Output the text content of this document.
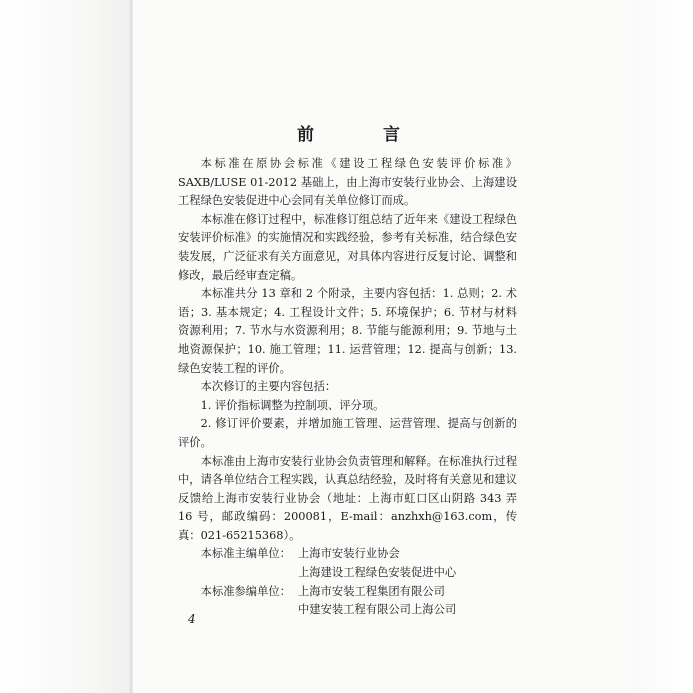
前　言

本标准在原协会标准《建设工程绿色安装评价标准》SAXB/LUSE 01-2012 基础上，由上海市安装行业协会、上海建设工程绿色安装促进中心会同有关单位修订而成。

本标准在修订过程中，标准修订组总结了近年来《建设工程绿色安装评价标准》的实施情况和实践经验，参考有关标准，结合绿色安装发展，广泛征求有关方面意见，对具体内容进行反复讨论、调整和修改，最后经审查定稿。

本标准共分 13 章和 2 个附录，主要内容包括：1. 总则；2. 术语；3. 基本规定；4. 工程设计文件；5. 环境保护；6. 节材与材料资源利用；7. 节水与水资源利用；8. 节能与能源利用；9. 节地与土地资源保护；10. 施工管理；11. 运营管理；12. 提高与创新；13. 绿色安装工程的评价。

本次修订的主要内容包括：

1. 评价指标调整为控制项、评分项。

2. 修订评价要素，并增加施工管理、运营管理、提高与创新的评价。

本标准由上海市安装行业协会负责管理和解释。在标准执行过程中，请各单位结合工程实践，认真总结经验，及时将有关意见和建议反馈给上海市安装行业协会（地址：上海市虹口区山阴路 343 弄 16 号，邮政编码：200081，E-mail：anzhxh@163.com，传真：021-65215368）。

本标准主编单位： 上海市安装行业协会
上海建设工程绿色安装促进中心
本标准参编单位： 上海市安装工程集团有限公司
中建安装工程有限公司上海公司
4
